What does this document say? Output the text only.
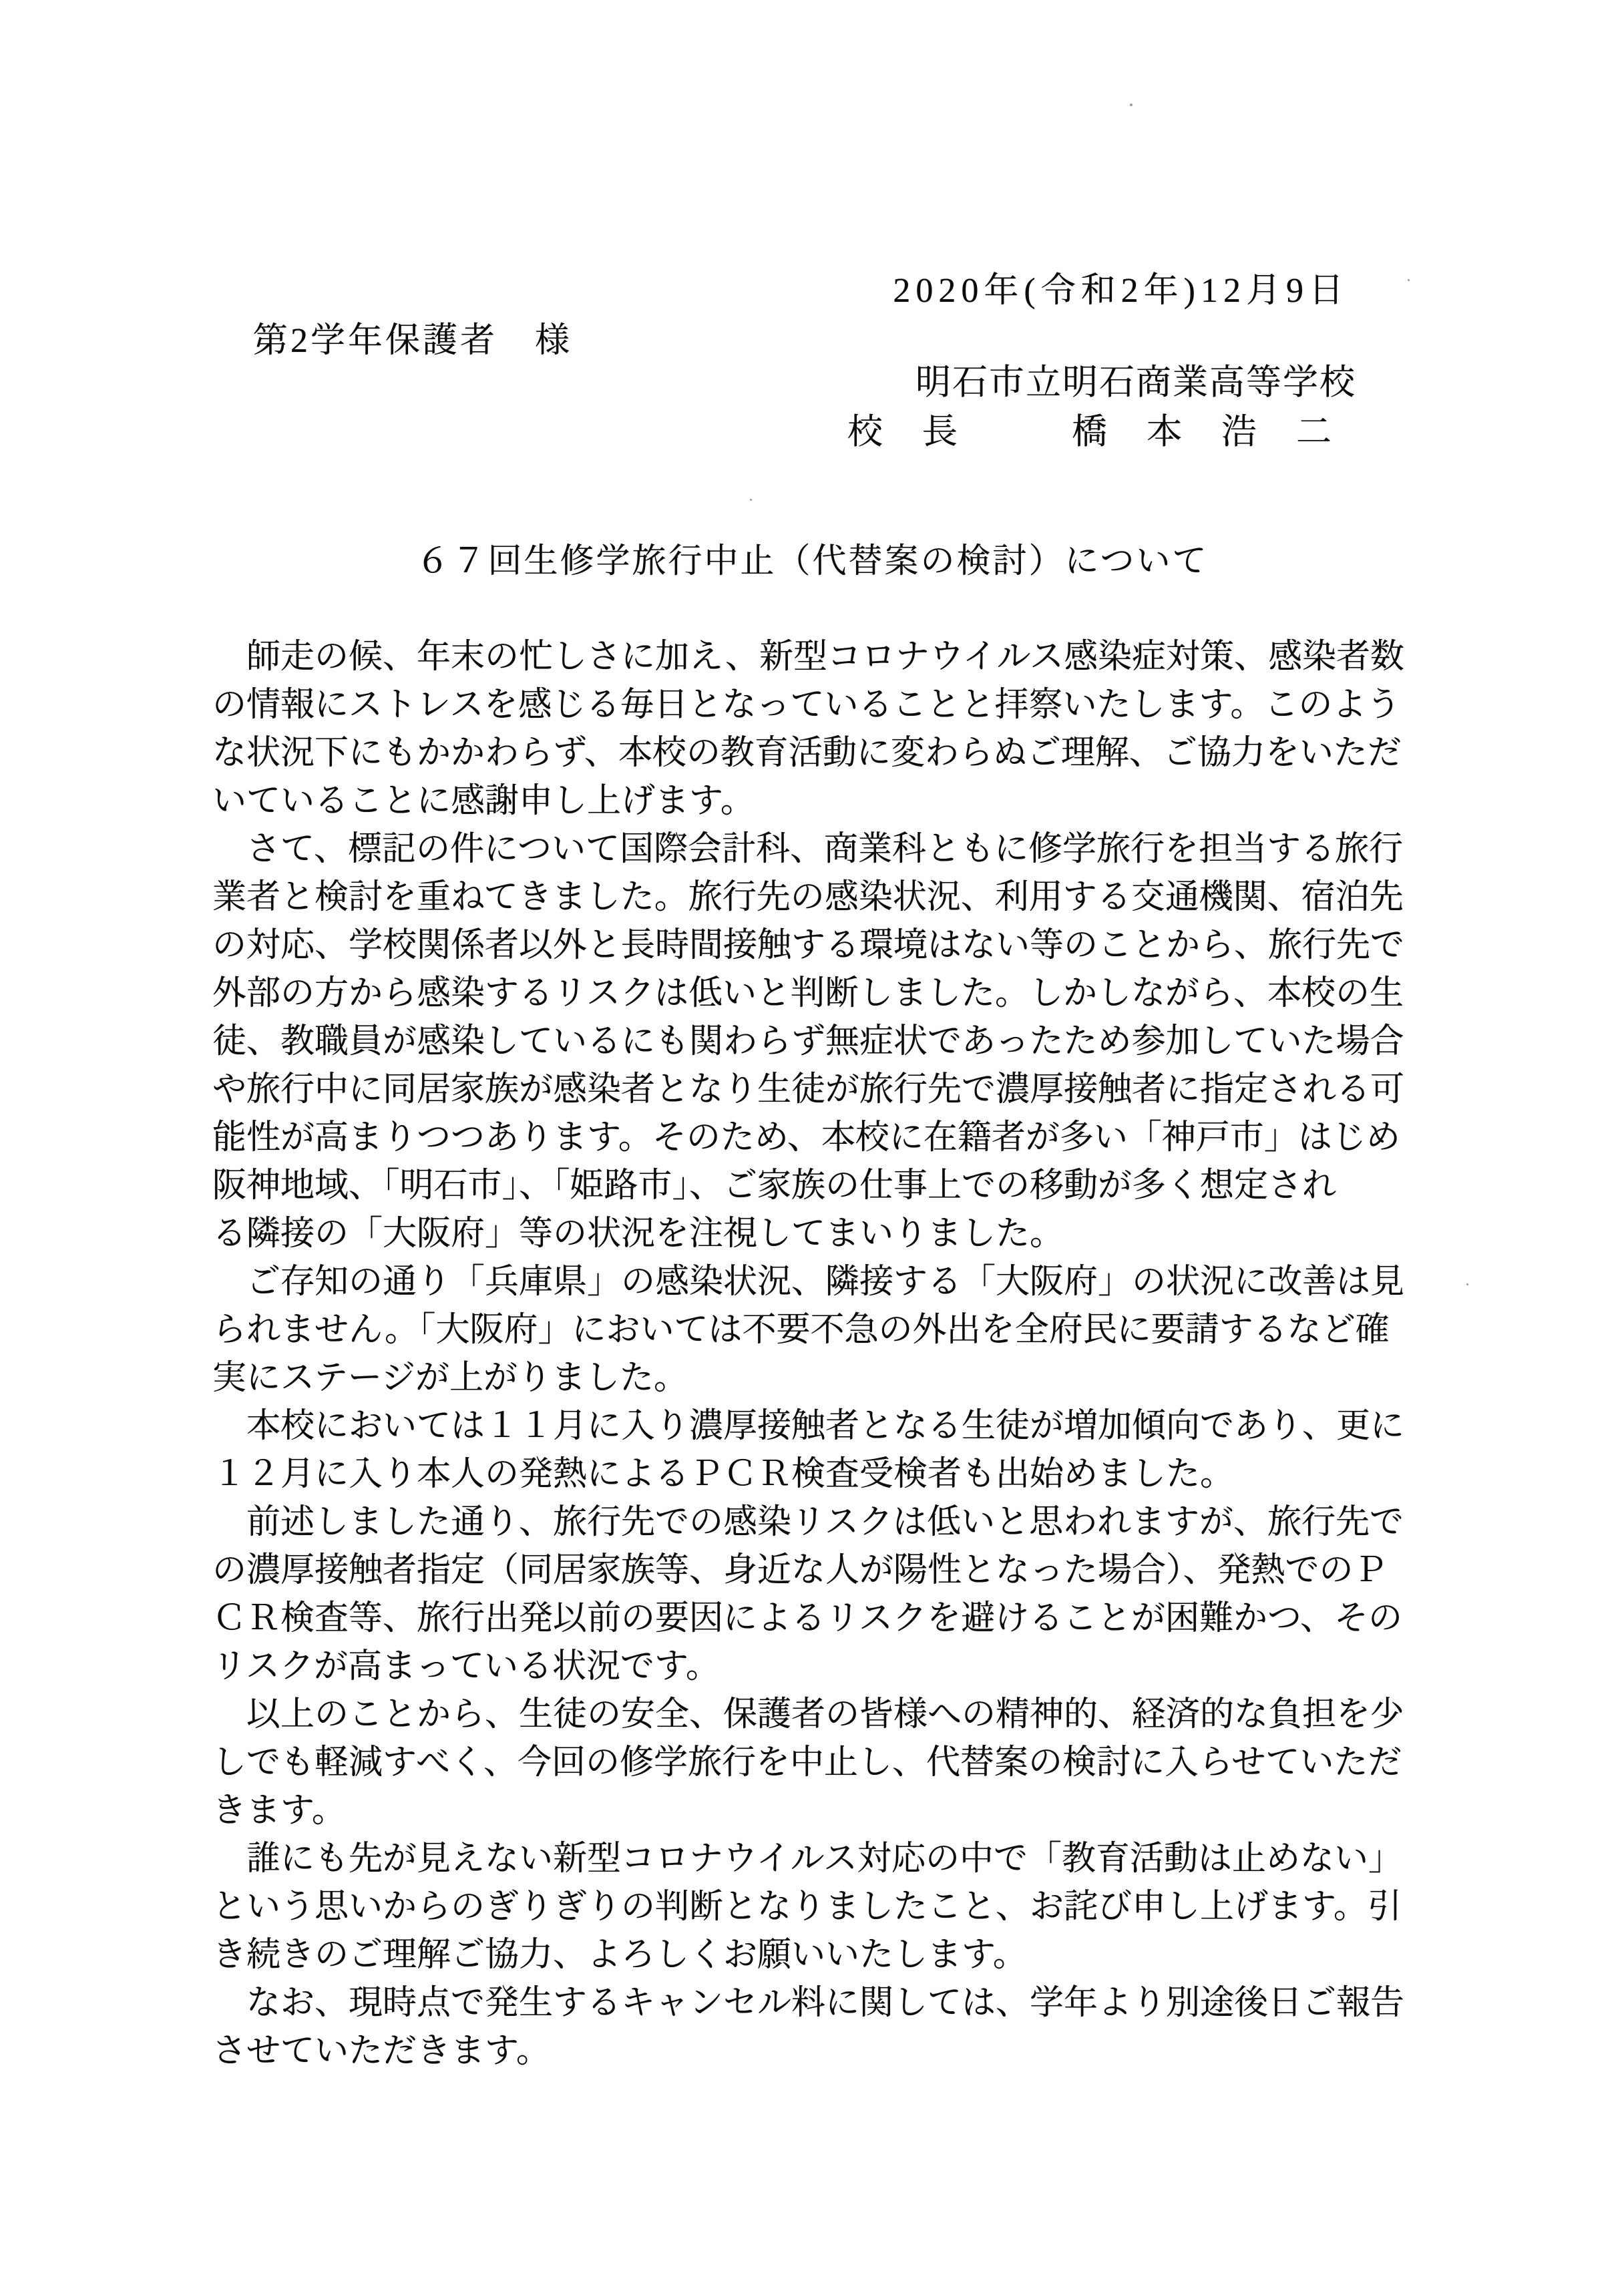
2020年(令和2年)12月9日
第2学年保護者　様
明石市立明石商業高等学校
校　長　　　橋　本　浩　二
６７回生修学旅行中止（代替案の検討）について
　師走の候、年末の忙しさに加え、新型コロナウイルス感染症対策、感染者数
の情報にストレスを感じる毎日となっていることと拝察いたします。このよう
な状況下にもかかわらず、本校の教育活動に変わらぬご理解、ご協力をいただ
いていることに感謝申し上げます。
　さて、標記の件について国際会計科、商業科ともに修学旅行を担当する旅行
業者と検討を重ねてきました。旅行先の感染状況、利用する交通機関、宿泊先
の対応、学校関係者以外と長時間接触する環境はない等のことから、旅行先で
外部の方から感染するリスクは低いと判断しました。しかしながら、本校の生
徒、教職員が感染しているにも関わらず無症状であったため参加していた場合
や旅行中に同居家族が感染者となり生徒が旅行先で濃厚接触者に指定される可
能性が高まりつつあります。そのため、本校に在籍者が多い「神戸市」はじめ
阪神地域、「明石市」、「姫路市」、ご家族の仕事上での移動が多く想定され
る隣接の「大阪府」等の状況を注視してまいりました。
　ご存知の通り「兵庫県」の感染状況、隣接する「大阪府」の状況に改善は見
られません。「大阪府」においては不要不急の外出を全府民に要請するなど確
実にステージが上がりました。
　本校においては１１月に入り濃厚接触者となる生徒が増加傾向であり、更に
１２月に入り本人の発熱によるＰＣＲ検査受検者も出始めました。
　前述しました通り、旅行先での感染リスクは低いと思われますが、旅行先で
の濃厚接触者指定（同居家族等、身近な人が陽性となった場合）、発熱でのＰ
ＣＲ検査等、旅行出発以前の要因によるリスクを避けることが困難かつ、その
リスクが高まっている状況です。
　以上のことから、生徒の安全、保護者の皆様への精神的、経済的な負担を少
しでも軽減すべく、今回の修学旅行を中止し、代替案の検討に入らせていただ
きます。
　誰にも先が見えない新型コロナウイルス対応の中で「教育活動は止めない」
という思いからのぎりぎりの判断となりましたこと、お詫び申し上げます。引
き続きのご理解ご協力、よろしくお願いいたします。
　なお、現時点で発生するキャンセル料に関しては、学年より別途後日ご報告
させていただきます。
